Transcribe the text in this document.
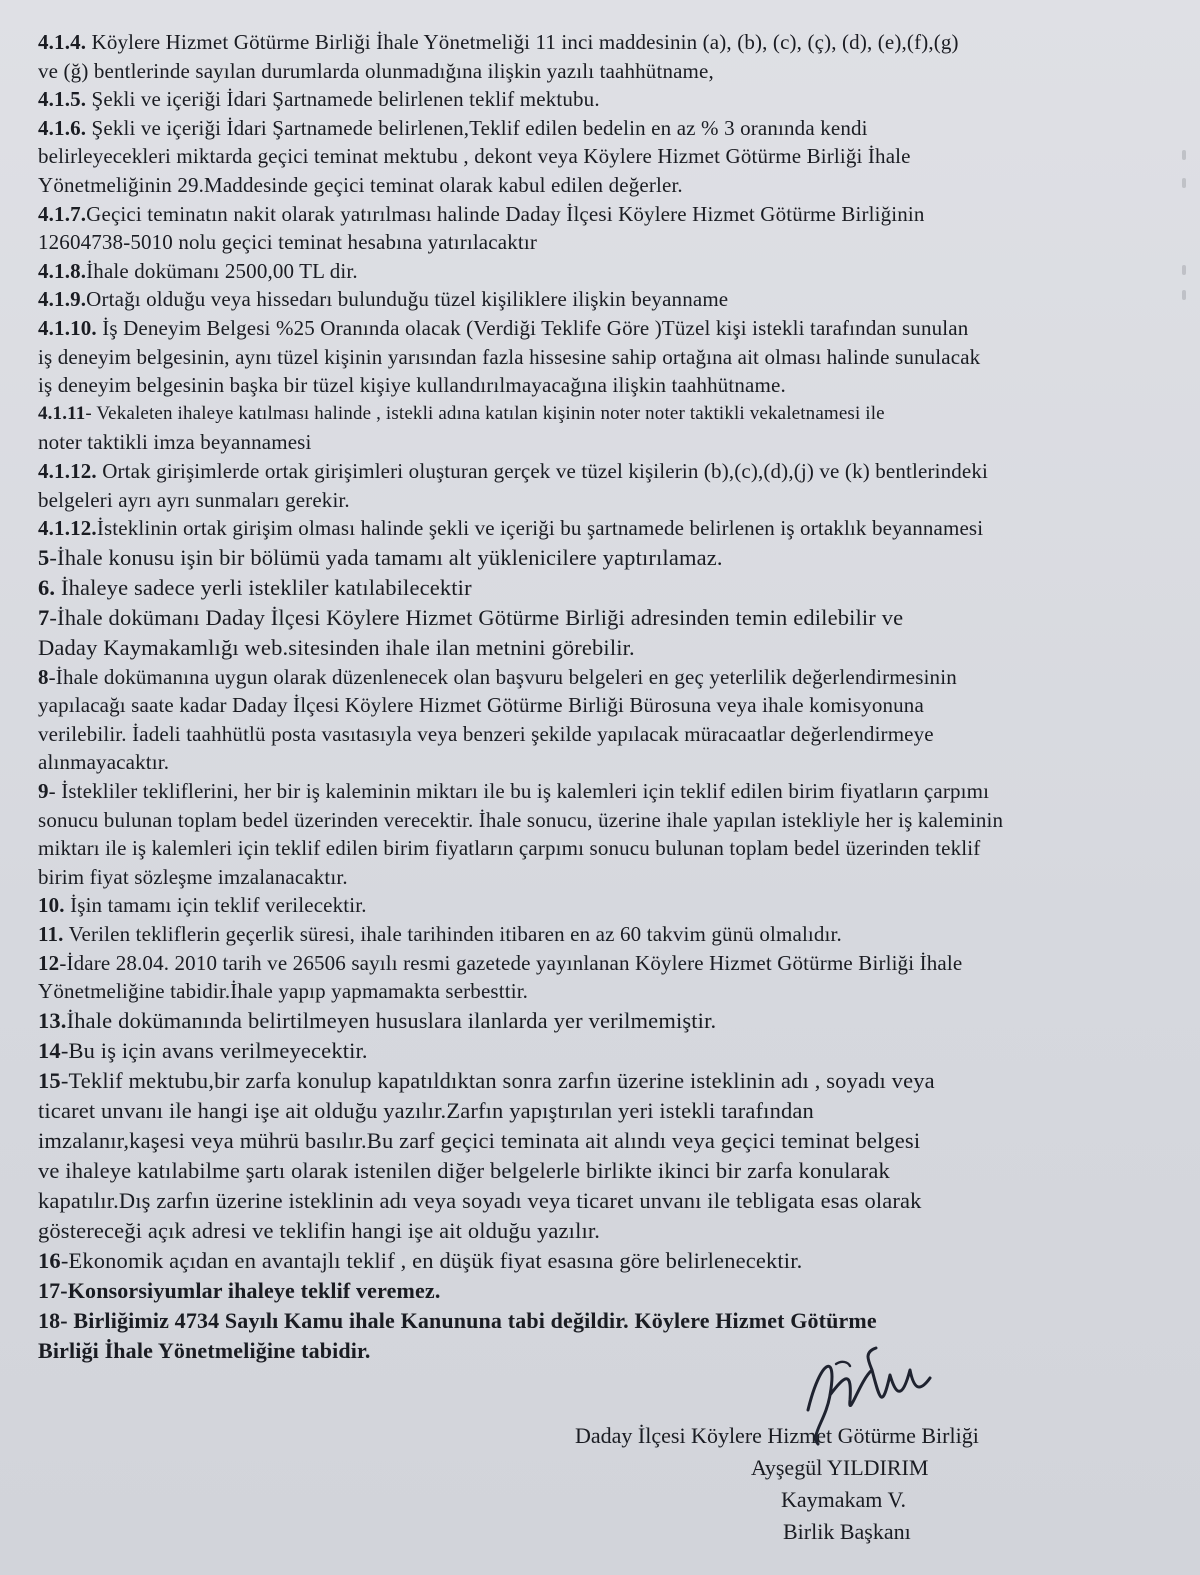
4.1.4. Köylere Hizmet Götürme Birliği İhale Yönetmeliği 11 inci maddesinin (a), (b), (c), (ç), (d), (e),(f),(g)
ve (ğ) bentlerinde sayılan durumlarda olunmadığına ilişkin yazılı taahhütname,
4.1.5. Şekli ve içeriği İdari Şartnamede belirlenen teklif mektubu.
4.1.6. Şekli ve içeriği İdari Şartnamede belirlenen,Teklif edilen bedelin en az % 3 oranında kendi
belirleyecekleri miktarda geçici teminat mektubu , dekont veya Köylere Hizmet Götürme Birliği İhale
Yönetmeliğinin 29.Maddesinde geçici teminat olarak kabul edilen değerler.
4.1.7.Geçici teminatın nakit olarak yatırılması halinde Daday İlçesi Köylere Hizmet Götürme Birliğinin
12604738-5010 nolu geçici teminat hesabına yatırılacaktır
4.1.8.İhale dokümanı 2500,00 TL dir.
4.1.9.Ortağı olduğu veya hissedarı bulunduğu tüzel kişiliklere ilişkin beyanname
4.1.10. İş Deneyim Belgesi %25 Oranında olacak (Verdiği Teklife Göre )Tüzel kişi istekli tarafından sunulan
iş deneyim belgesinin, aynı tüzel kişinin yarısından fazla hissesine sahip ortağına ait olması halinde sunulacak
iş deneyim belgesinin başka bir tüzel kişiye kullandırılmayacağına ilişkin taahhütname.
4.1.11- Vekaleten ihaleye katılması halinde , istekli adına katılan kişinin noter noter taktikli vekaletnamesi ile
noter taktikli imza beyannamesi
4.1.12. Ortak girişimlerde ortak girişimleri oluşturan gerçek ve tüzel kişilerin (b),(c),(d),(j) ve (k) bentlerindeki
belgeleri ayrı ayrı sunmaları gerekir.
4.1.12.İsteklinin ortak girişim olması halinde şekli ve içeriği bu şartnamede belirlenen iş ortaklık beyannamesi
5-İhale konusu işin bir bölümü yada tamamı alt yüklenicilere yaptırılamaz.
6. İhaleye sadece yerli istekliler katılabilecektir
7-İhale dokümanı Daday İlçesi Köylere Hizmet Götürme Birliği adresinden temin edilebilir ve
Daday Kaymakamlığı web.sitesinden ihale ilan metnini görebilir.
8-İhale dokümanına uygun olarak düzenlenecek olan başvuru belgeleri en geç yeterlilik değerlendirmesinin
yapılacağı saate kadar Daday İlçesi Köylere Hizmet Götürme Birliği Bürosuna veya ihale komisyonuna
verilebilir. İadeli taahhütlü posta vasıtasıyla veya benzeri şekilde yapılacak müracaatlar değerlendirmeye
alınmayacaktır.
9- İstekliler tekliflerini, her bir iş kaleminin miktarı ile bu iş kalemleri için teklif edilen birim fiyatların çarpımı
sonucu bulunan toplam bedel üzerinden verecektir. İhale sonucu, üzerine ihale yapılan istekliyle her iş kaleminin
miktarı ile iş kalemleri için teklif edilen birim fiyatların çarpımı sonucu bulunan toplam bedel üzerinden teklif
birim fiyat sözleşme imzalanacaktır.
10. İşin tamamı için teklif verilecektir.
11. Verilen tekliflerin geçerlik süresi, ihale tarihinden itibaren en az 60 takvim günü olmalıdır.
12-İdare 28.04. 2010 tarih ve 26506 sayılı resmi gazetede yayınlanan Köylere Hizmet Götürme Birliği İhale
Yönetmeliğine tabidir.İhale yapıp yapmamakta serbesttir.
13.İhale dokümanında belirtilmeyen hususlara ilanlarda yer verilmemiştir.
14-Bu iş için avans verilmeyecektir.
15-Teklif mektubu,bir zarfa konulup kapatıldıktan sonra zarfın üzerine isteklinin adı , soyadı veya
ticaret unvanı ile hangi işe ait olduğu yazılır.Zarfın yapıştırılan yeri istekli tarafından
imzalanır,kaşesi veya mührü basılır.Bu zarf geçici teminata ait alındı veya geçici teminat belgesi
ve ihaleye katılabilme şartı olarak istenilen diğer belgelerle birlikte ikinci bir zarfa konularak
kapatılır.Dış zarfın üzerine isteklinin adı veya soyadı veya ticaret unvanı ile tebligata esas olarak
göstereceği açık adresi ve teklifin hangi işe ait olduğu yazılır.
16-Ekonomik açıdan en avantajlı teklif , en düşük fiyat esasına göre belirlenecektir.
17-Konsorsiyumlar ihaleye teklif veremez.
18- Birliğimiz 4734 Sayılı Kamu ihale Kanununa tabi değildir. Köylere Hizmet Götürme
Birliği İhale Yönetmeliğine tabidir.
Daday İlçesi Köylere Hizmet Götürme Birliği
Ayşegül YILDIRIM
Kaymakam V.
Birlik Başkanı
